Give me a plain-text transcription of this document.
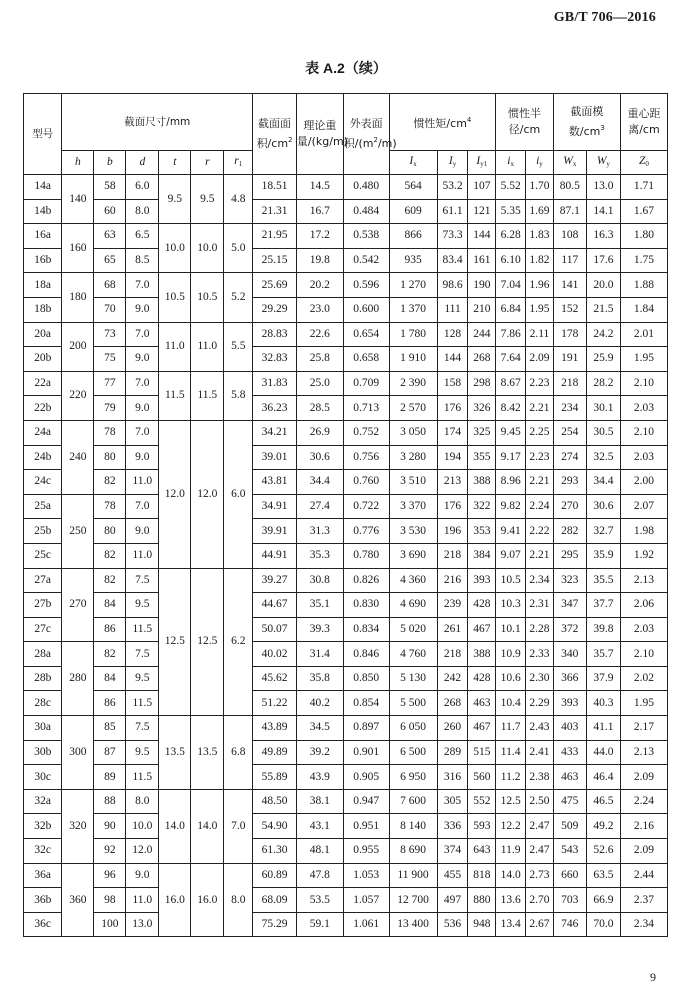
GB/T 706—2016
表 A.2（续）
型号	截面尺寸/mm						截面面积$/cm^2$	理论重量/(kg/m)	外表面积$/(m^2/m)$	惯性矩$/cm^4$			惯性半径/cm		截面模数$/cm^3$		重心距离/cm
	h	b	d	t	r	$r_1$				$I_x$	$I_y$	$I_{y1}$	$i_x$	$i_y$	$W_x$	$W_y$	$Z_0$
14a	140	58	6.0	9.5	9.5	4.8	18.51	14.5	0.480	564	53.2	107	5.52	1.70	80.5	13.0	1.71
14b		60	8.0				21.31	16.7	0.484	609	61.1	121	5.35	1.69	87.1	14.1	1.67
16a	160	63	6.5	10.0	10.0	5.0	21.95	17.2	0.538	866	73.3	144	6.28	1.83	108	16.3	1.80
16b		65	8.5				25.15	19.8	0.542	935	83.4	161	6.10	1.82	117	17.6	1.75
18a	180	68	7.0	10.5	10.5	5.2	25.69	20.2	0.596	1 270	98.6	190	7.04	1.96	141	20.0	1.88
18b		70	9.0				29.29	23.0	0.600	1 370	111	210	6.84	1.95	152	21.5	1.84
20a	200	73	7.0	11.0	11.0	5.5	28.83	22.6	0.654	1 780	128	244	7.86	2.11	178	24.2	2.01
20b		75	9.0				32.83	25.8	0.658	1 910	144	268	7.64	2.09	191	25.9	1.95
22a	220	77	7.0	11.5	11.5	5.8	31.83	25.0	0.709	2 390	158	298	8.67	2.23	218	28.2	2.10
22b		79	9.0				36.23	28.5	0.713	2 570	176	326	8.42	2.21	234	30.1	2.03
24a	240	78	7.0	12.0	12.0	6.0	34.21	26.9	0.752	3 050	174	325	9.45	2.25	254	30.5	2.10
24b		80	9.0				39.01	30.6	0.756	3 280	194	355	9.17	2.23	274	32.5	2.03
24c		82	11.0				43.81	34.4	0.760	3 510	213	388	8.96	2.21	293	34.4	2.00
25a	250	78	7.0				34.91	27.4	0.722	3 370	176	322	9.82	2.24	270	30.6	2.07
25b		80	9.0				39.91	31.3	0.776	3 530	196	353	9.41	2.22	282	32.7	1.98
25c		82	11.0				44.91	35.3	0.780	3 690	218	384	9.07	2.21	295	35.9	1.92
27a	270	82	7.5	12.5	12.5	6.2	39.27	30.8	0.826	4 360	216	393	10.5	2.34	323	35.5	2.13
27b		84	9.5				44.67	35.1	0.830	4 690	239	428	10.3	2.31	347	37.7	2.06
27c		86	11.5				50.07	39.3	0.834	5 020	261	467	10.1	2.28	372	39.8	2.03
28a	280	82	7.5				40.02	31.4	0.846	4 760	218	388	10.9	2.33	340	35.7	2.10
28b		84	9.5				45.62	35.8	0.850	5 130	242	428	10.6	2.30	366	37.9	2.02
28c		86	11.5				51.22	40.2	0.854	5 500	268	463	10.4	2.29	393	40.3	1.95
30a	300	85	7.5	13.5	13.5	6.8	43.89	34.5	0.897	6 050	260	467	11.7	2.43	403	41.1	2.17
30b		87	9.5				49.89	39.2	0.901	6 500	289	515	11.4	2.41	433	44.0	2.13
30c		89	11.5				55.89	43.9	0.905	6 950	316	560	11.2	2.38	463	46.4	2.09
32a	320	88	8.0	14.0	14.0	7.0	48.50	38.1	0.947	7 600	305	552	12.5	2.50	475	46.5	2.24
32b		90	10.0				54.90	43.1	0.951	8 140	336	593	12.2	2.47	509	49.2	2.16
32c		92	12.0				61.30	48.1	0.955	8 690	374	643	11.9	2.47	543	52.6	2.09
36a	360	96	9.0	16.0	16.0	8.0	60.89	47.8	1.053	11 900	455	818	14.0	2.73	660	63.5	2.44
36b		98	11.0				68.09	53.5	1.057	12 700	497	880	13.6	2.70	703	66.9	2.37
36c		100	13.0				75.29	59.1	1.061	13 400	536	948	13.4	2.67	746	70.0	2.34
9
